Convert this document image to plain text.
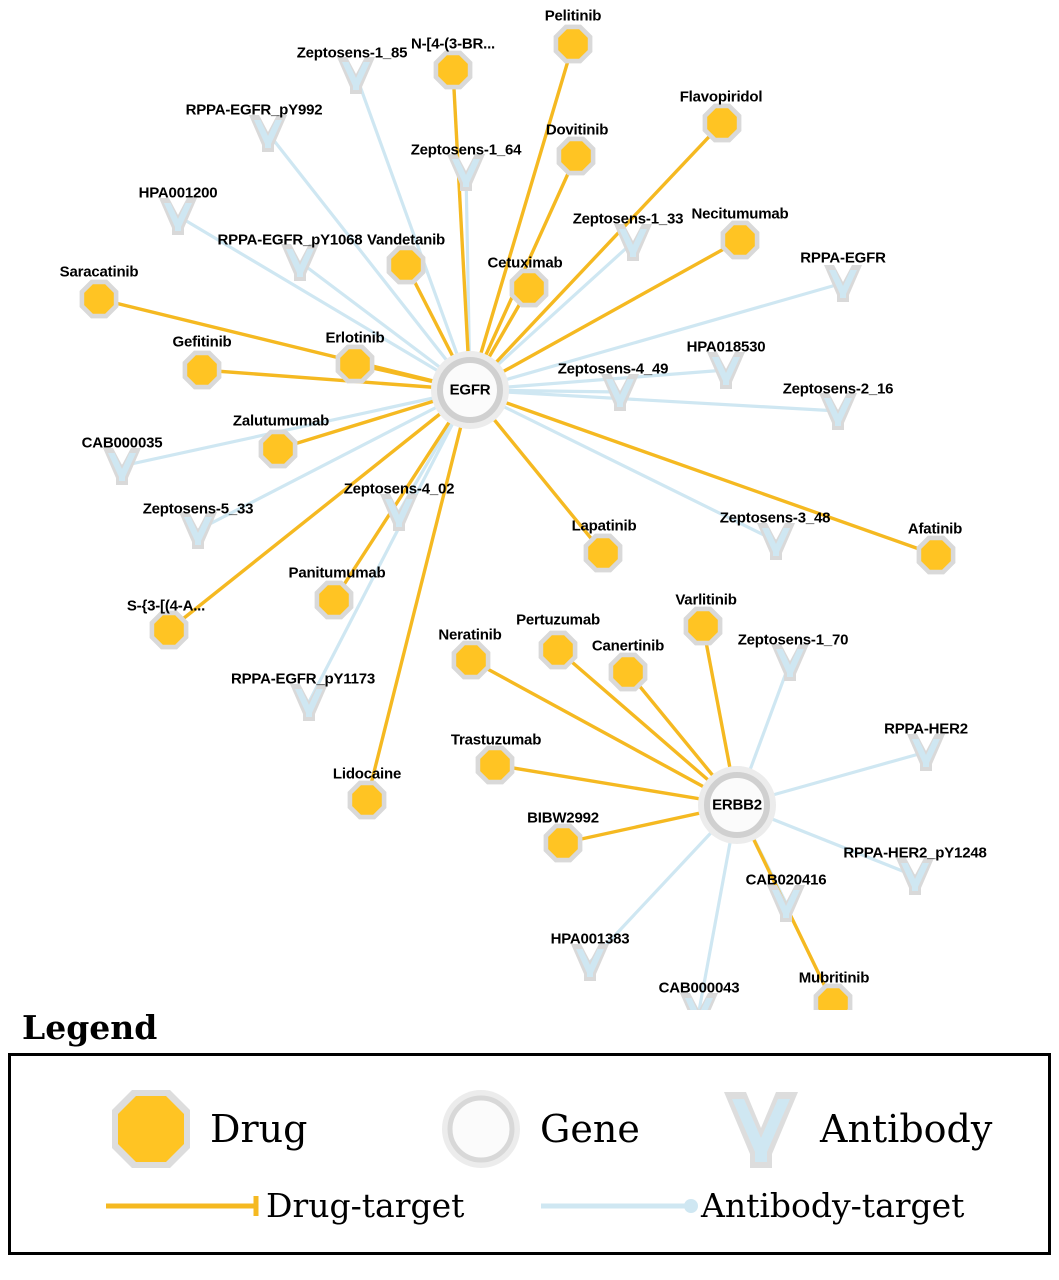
Zeptosens-1_85
RPPA-EGFR_pY992
Zeptosens-1_64
HPA001200
Zeptosens-1_33
RPPA-EGFR_pY1068
RPPA-EGFR
HPA018530
Zeptosens-4_49
Zeptosens-2_16
CAB000035
Zeptosens-4_02
Zeptosens-5_33
Zeptosens-3_48
Zeptosens-1_70
RPPA-EGFR_pY1173
RPPA-HER2
RPPA-HER2_pY1248
CAB020416
HPA001383
CAB000043
Pelitinib
N-[4-(3-BR...
Flavopiridol
Dovitinib
Necitumumab
Vandetanib
Cetuximab
Saracatinib
Erlotinib
Gefitinib
Zalutumumab
Panitumumab
S-{3-[(4-A...
Lapatinib	Afatinib
Varlitinib
Neratinib
Pertuzumab
Canertinib
Trastuzumab
Lidocaine
BIBW2992
Mubritinib
EGFR
ERBB2
Legend
Drug	Gene	Antibody
Drug-target	Antibody-target
